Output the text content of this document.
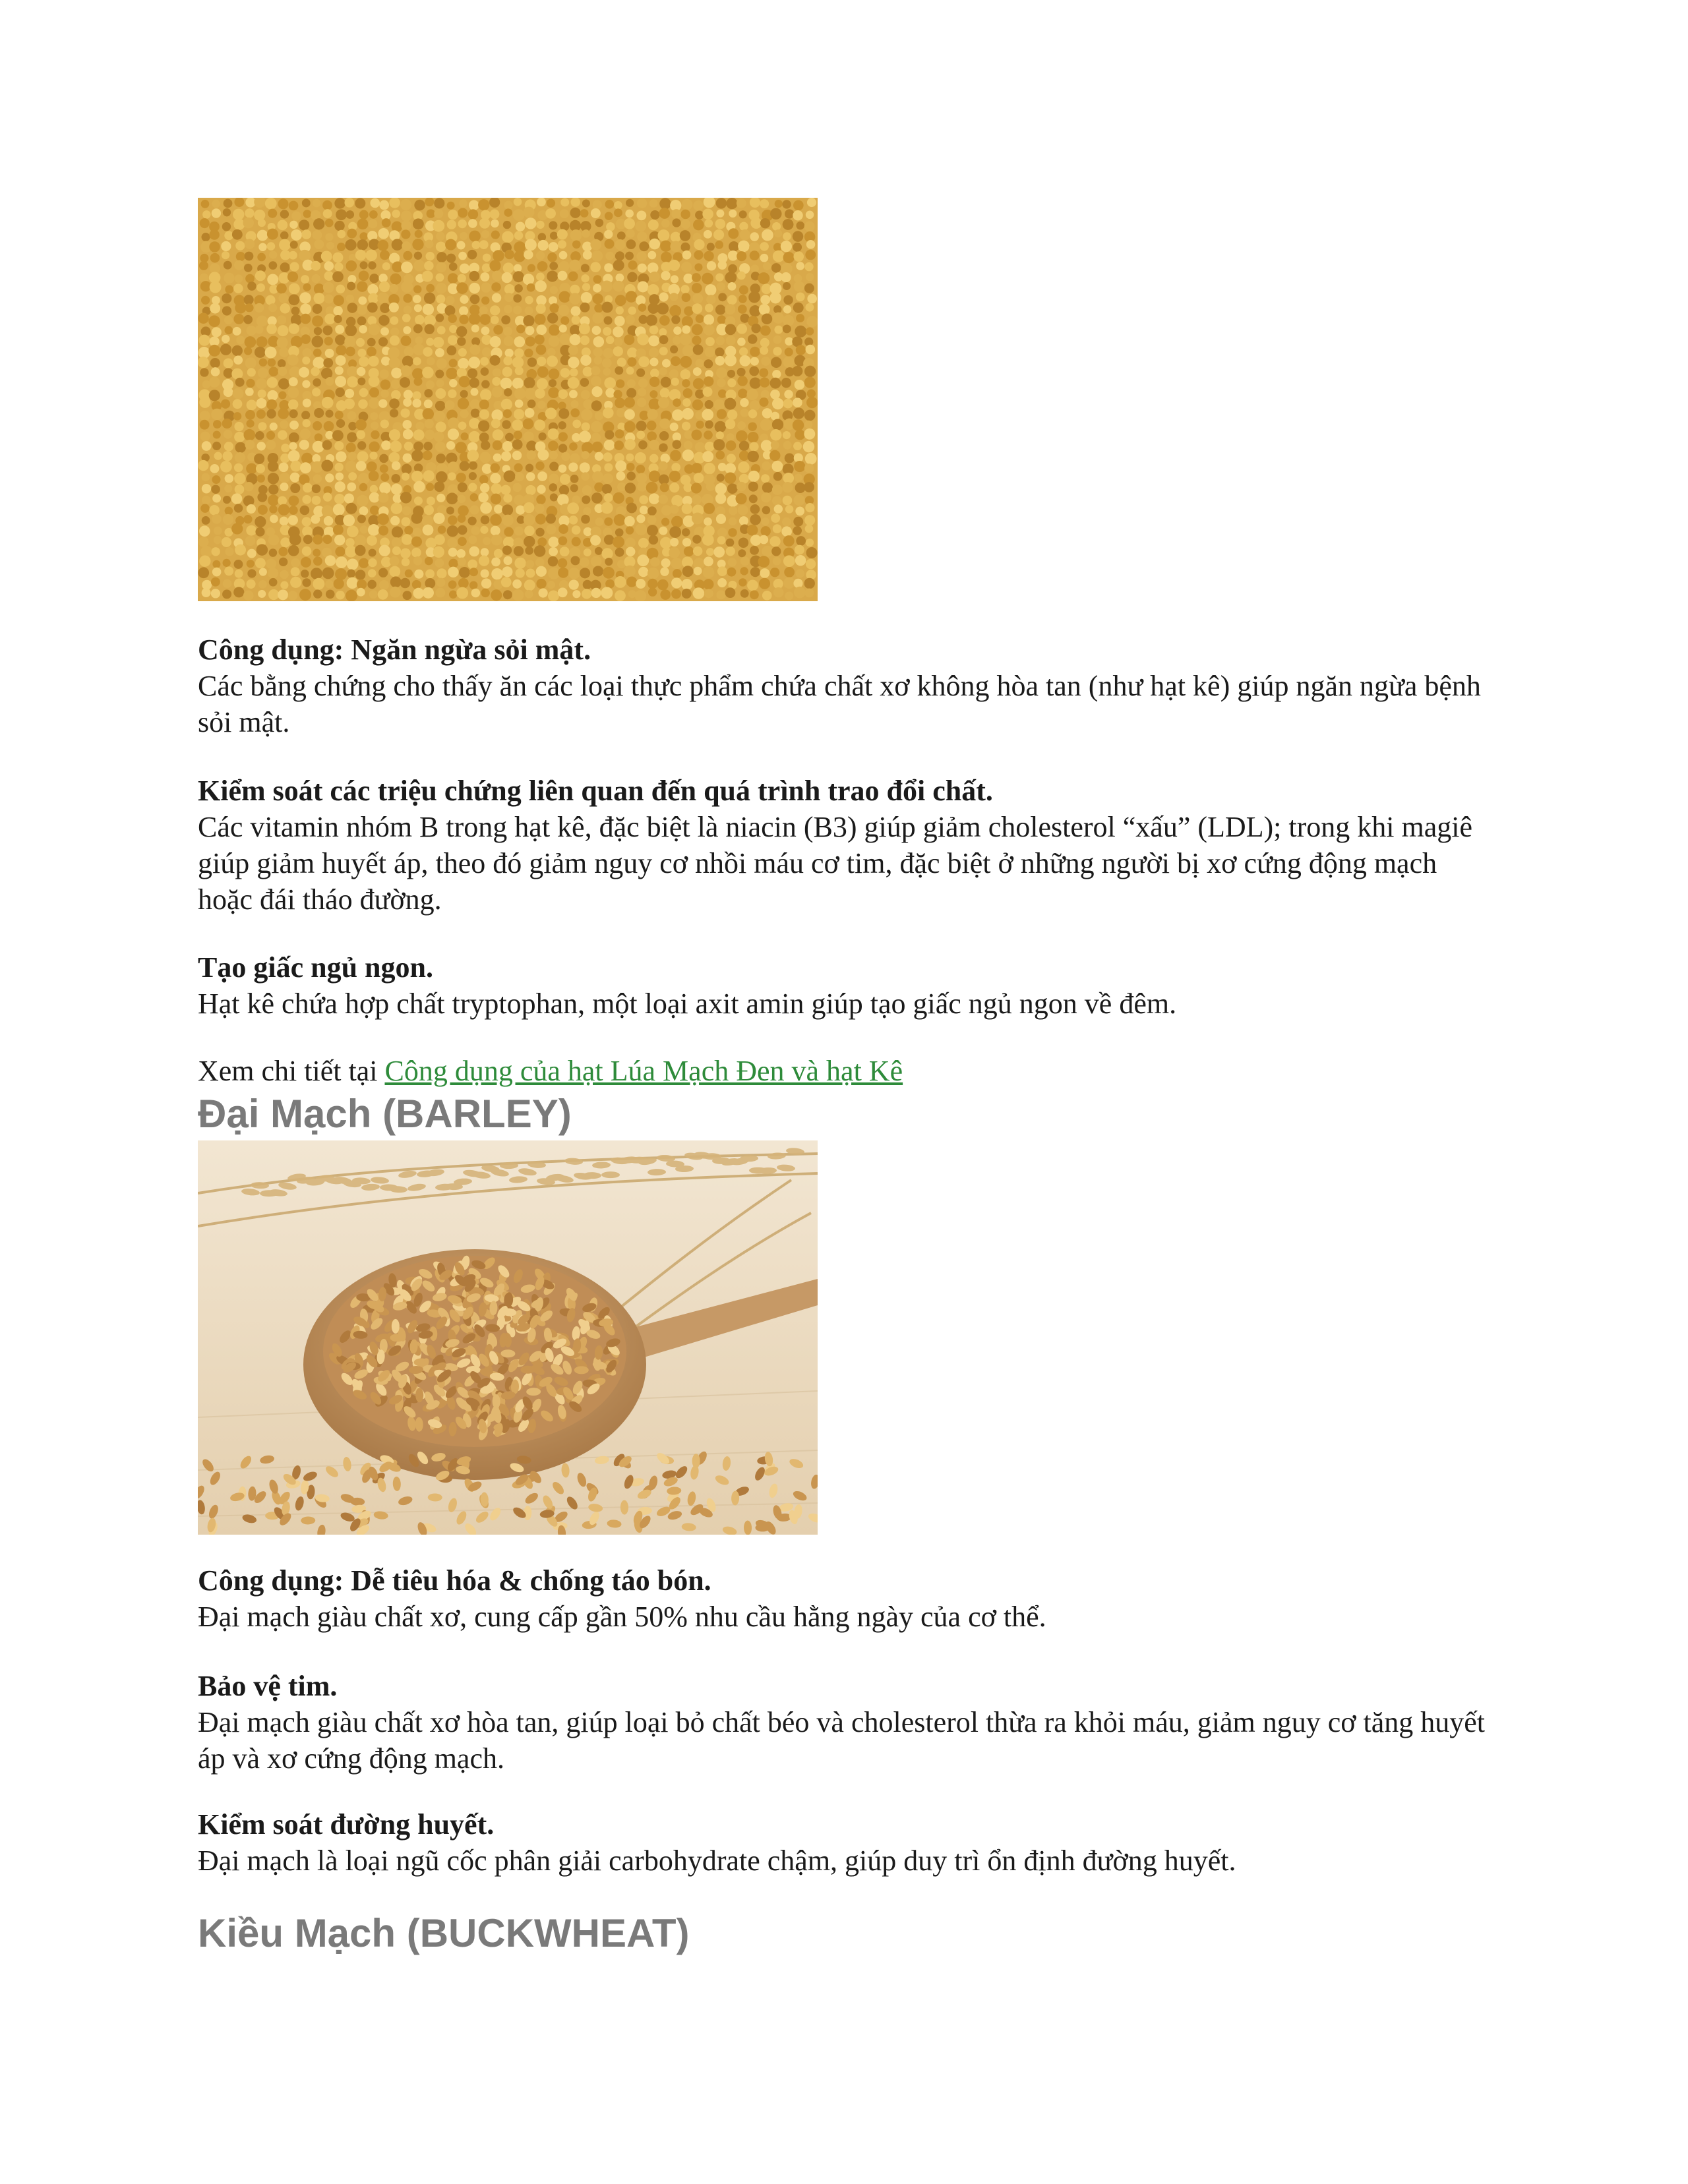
Công dụng: Ngăn ngừa sỏi mật.
Các bằng chứng cho thấy ăn các loại thực phẩm chứa chất xơ không hòa tan (như hạt kê) giúp ngăn ngừa bệnh sỏi mật.
Kiểm soát các triệu chứng liên quan đến quá trình trao đổi chất.
Các vitamin nhóm B trong hạt kê, đặc biệt là niacin (B3) giúp giảm cholesterol “xấu” (LDL); trong khi magiê giúp giảm huyết áp, theo đó giảm nguy cơ nhồi máu cơ tim, đặc biệt ở những người bị xơ cứng động mạch hoặc đái tháo đường.
Tạo giấc ngủ ngon.
Hạt kê chứa hợp chất tryptophan, một loại axit amin giúp tạo giấc ngủ ngon về đêm.
Xem chi tiết tại Công dụng của hạt Lúa Mạch Đen và hạt Kê
Đại Mạch (BARLEY)
Công dụng: Dễ tiêu hóa & chống táo bón.
Đại mạch giàu chất xơ, cung cấp gần 50% nhu cầu hằng ngày của cơ thể.
Bảo vệ tim.
Đại mạch giàu chất xơ hòa tan, giúp loại bỏ chất béo và cholesterol thừa ra khỏi máu, giảm nguy cơ tăng huyết áp và xơ cứng động mạch.
Kiểm soát đường huyết.
Đại mạch là loại ngũ cốc phân giải carbohydrate chậm, giúp duy trì ổn định đường huyết.
Kiều Mạch (BUCKWHEAT)
